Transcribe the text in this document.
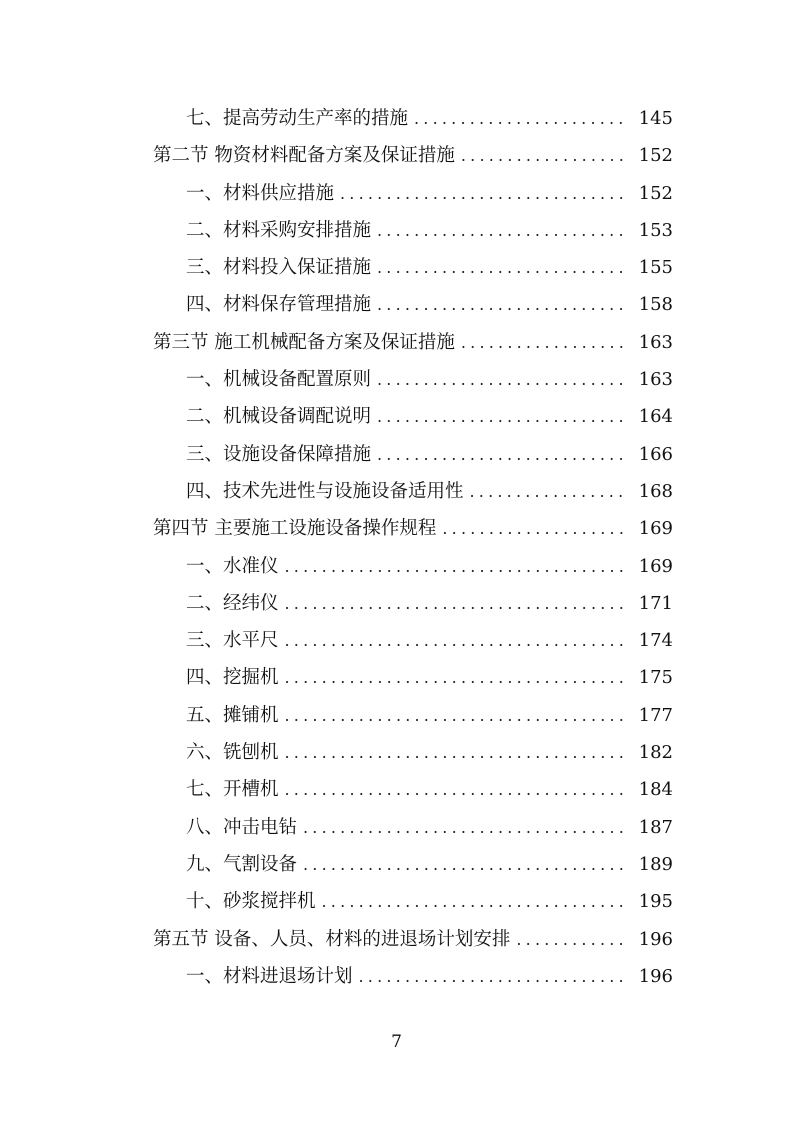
七、提高劳动生产率的措施 .....	145
第二节 物资材料配备方案及保证措施 .....	152
一、材料供应措施 .....	152
二、材料采购安排措施 .....	153
三、材料投入保证措施 .....	155
四、材料保存管理措施 .....	158
第三节 施工机械配备方案及保证措施 .....	163
一、机械设备配置原则 .....	163
二、机械设备调配说明 .....	164
三、设施设备保障措施 .....	166
四、技术先进性与设施设备适用性 .....	168
第四节 主要施工设施设备操作规程 .....	169
一、水准仪 .....	169
二、经纬仪 .....	171
三、水平尺 .....	174
四、挖掘机 .....	175
五、摊铺机 .....	177
六、铣刨机 .....	182
七、开槽机 .....	184
八、冲击电钻 .....	187
九、气割设备 .....	189
十、砂浆搅拌机 .....	195
第五节 设备、人员、材料的进退场计划安排 .....	196
一、材料进退场计划 .....	196
7
